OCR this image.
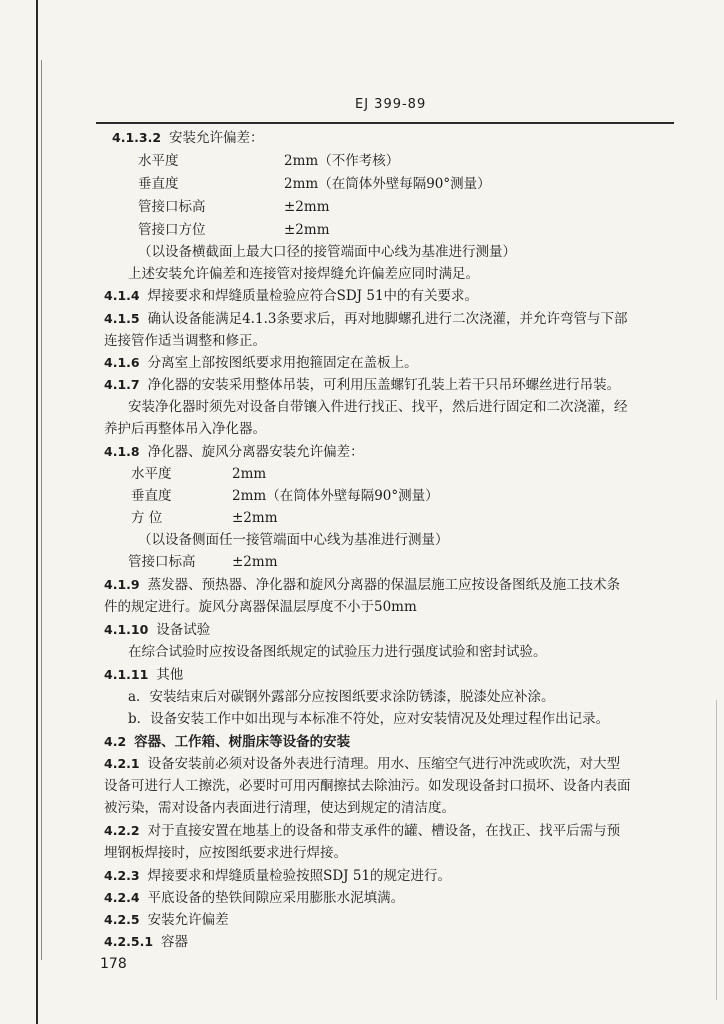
EJ 399-89
4.1.3.2 安装允许偏差：
水平度	2mm（不作考核）
垂直度	2mm（在筒体外壁每隔90°测量）
管接口标高	±2mm
管接口方位	±2mm
（以设备横截面上最大口径的接管端面中心线为基准进行测量）
上述安装允许偏差和连接管对接焊缝允许偏差应同时满足。
4.1.4 焊接要求和焊缝质量检验应符合SDJ 51中的有关要求。
4.1.5 确认设备能满足4.1.3条要求后，再对地脚螺孔进行二次浇灌，并允许弯管与下部
连接管作适当调整和修正。
4.1.6 分离室上部按图纸要求用抱箍固定在盖板上。
4.1.7 净化器的安装采用整体吊装，可利用压盖螺钉孔装上若干只吊环螺丝进行吊装。
安装净化器时须先对设备自带镶入件进行找正、找平，然后进行固定和二次浇灌，经
养护后再整体吊入净化器。
4.1.8 净化器、旋风分离器安装允许偏差：
水平度	2mm
垂直度	2mm（在筒体外壁每隔90°测量）
方 位	±2mm
（以设备侧面任一接管端面中心线为基准进行测量）
管接口标高	±2mm
4.1.9 蒸发器、预热器、净化器和旋风分离器的保温层施工应按设备图纸及施工技术条
件的规定进行。旋风分离器保温层厚度不小于50mm
4.1.10 设备试验
在综合试验时应按设备图纸规定的试验压力进行强度试验和密封试验。
4.1.11 其他
a．安装结束后对碳钢外露部分应按图纸要求涂防锈漆，脱漆处应补涂。
b．设备安装工作中如出现与本标准不符处，应对安装情况及处理过程作出记录。
4.2 容器、工作箱、树脂床等设备的安装
4.2.1 设备安装前必须对设备外表进行清理。用水、压缩空气进行冲洗或吹洗，对大型
设备可进行人工擦洗，必要时可用丙酮擦拭去除油污。如发现设备封口损坏、设备内表面
被污染，需对设备内表面进行清理，使达到规定的清洁度。
4.2.2 对于直接安置在地基上的设备和带支承件的罐、槽设备，在找正、找平后需与预
埋钢板焊接时，应按图纸要求进行焊接。
4.2.3 焊接要求和焊缝质量检验按照SDJ 51的规定进行。
4.2.4 平底设备的垫铁间隙应采用膨胀水泥填满。
4.2.5 安装允许偏差
4.2.5.1 容器
178
